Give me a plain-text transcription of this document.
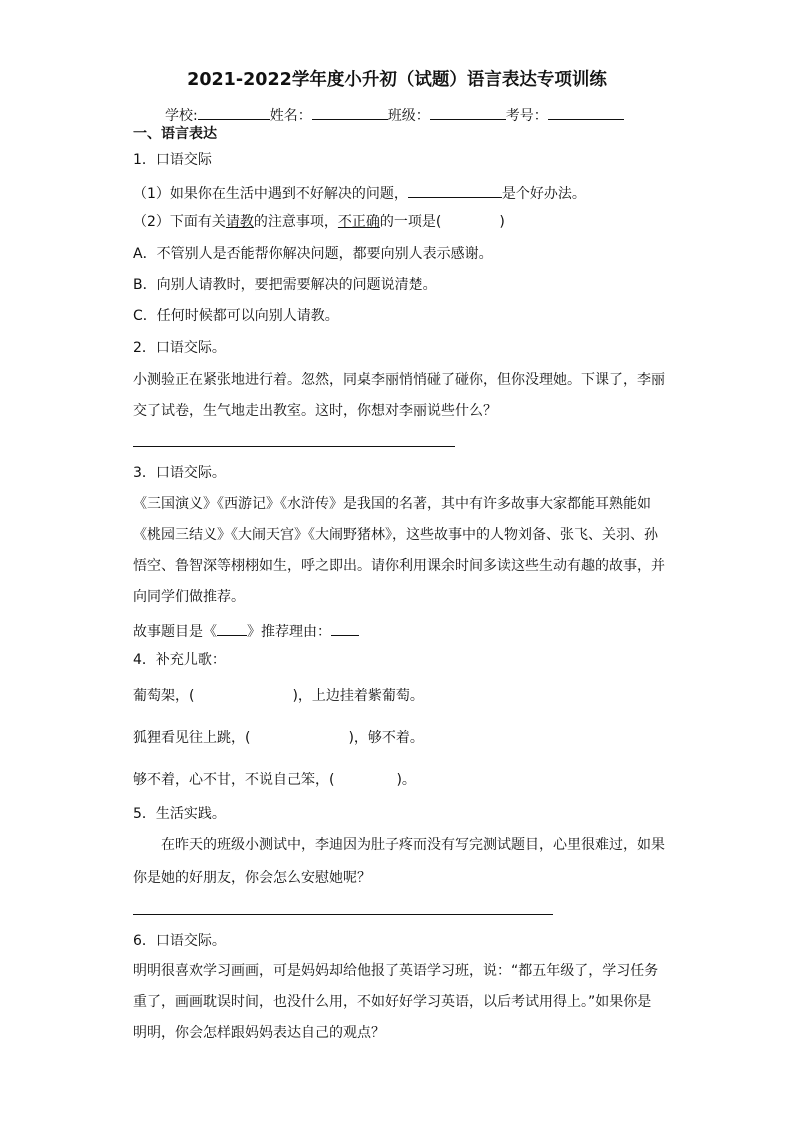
2021-2022学年度小升初（试题）语言表达专项训练
学校:	姓名：	班级：	考号：
一、语言表达
1．口语交际
（1）如果你在生活中遇到不好解决的问题，	是个好办法。
（2）下面有关请教的注意事项，不正确的一项是(	)
A．不管别人是否能帮你解决问题，都要向别人表示感谢。
B．向别人请教时，要把需要解决的问题说清楚。
C．任何时候都可以向别人请教。
2．口语交际。
小测验正在紧张地进行着。忽然，同桌李丽悄悄碰了碰你，但你没理她。下课了，李丽
交了试卷，生气地走出教室。这时，你想对李丽说些什么？
3．口语交际。
《三国演义》《西游记》《水浒传》是我国的名著，其中有许多故事大家都能耳熟能如
《桃园三结义》《大闹天宫》《大闹野猪林》，这些故事中的人物刘备、张飞、关羽、孙
悟空、鲁智深等栩栩如生，呼之即出。请你利用课余时间多读这些生动有趣的故事，并
向同学们做推荐。
故事题目是《 》推荐理由：
4．补充儿歌：
葡萄架，(	)，上边挂着紫葡萄。
狐狸看见往上跳，(	)，够不着。
够不着，心不甘，不说自己笨，(	)。
5．生活实践。
在昨天的班级小测试中，李迪因为肚子疼而没有写完测试题目，心里很难过，如果
你是她的好朋友，你会怎么安慰她呢？
6．口语交际。
明明很喜欢学习画画，可是妈妈却给他报了英语学习班，说：“都五年级了，学习任务
重了，画画耽误时间，也没什么用，不如好好学习英语，以后考试用得上。”如果你是
明明，你会怎样跟妈妈表达自己的观点？
